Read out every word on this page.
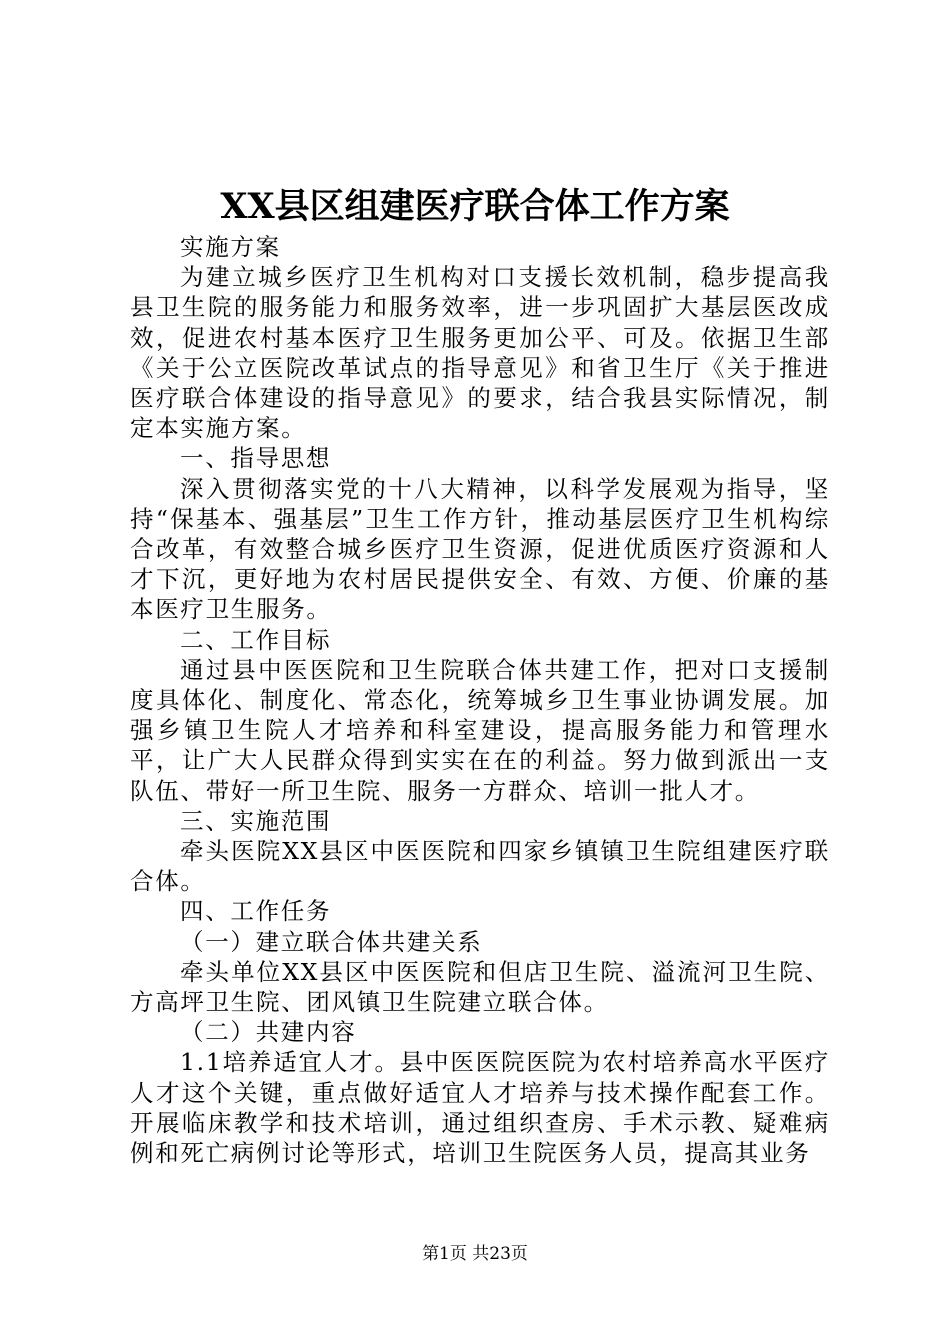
XX县区组建医疗联合体工作方案

实施方案

为建立城乡医疗卫生机构对口支援长效机制，稳步提高我县卫生院的服务能力和服务效率，进一步巩固扩大基层医改成效，促进农村基本医疗卫生服务更加公平、可及。依据卫生部《关于公立医院改革试点的指导意见》和省卫生厅《关于推进医疗联合体建设的指导意见》的要求，结合我县实际情况，制定本实施方案。

一、指导思想

深入贯彻落实党的十八大精神，以科学发展观为指导，坚持“保基本、强基层”卫生工作方针，推动基层医疗卫生机构综合改革，有效整合城乡医疗卫生资源，促进优质医疗资源和人才下沉，更好地为农村居民提供安全、有效、方便、价廉的基本医疗卫生服务。

二、工作目标

通过县中医医院和卫生院联合体共建工作，把对口支援制度具体化、制度化、常态化，统筹城乡卫生事业协调发展。加强乡镇卫生院人才培养和科室建设，提高服务能力和管理水平，让广大人民群众得到实实在在的利益。努力做到派出一支队伍、带好一所卫生院、服务一方群众、培训一批人才。

三、实施范围

牵头医院XX县区中医医院和四家乡镇镇卫生院组建医疗联合体。

四、工作任务

（一）建立联合体共建关系

牵头单位XX县区中医医院和但店卫生院、溢流河卫生院、方高坪卫生院、团风镇卫生院建立联合体。

（二）共建内容

1.1培养适宜人才。县中医医院医院为农村培养高水平医疗人才这个关键，重点做好适宜人才培养与技术操作配套工作。开展临床教学和技术培训，通过组织查房、手术示教、疑难病例和死亡病例讨论等形式，培训卫生院医务人员，提高其业务

第1页 共23页
